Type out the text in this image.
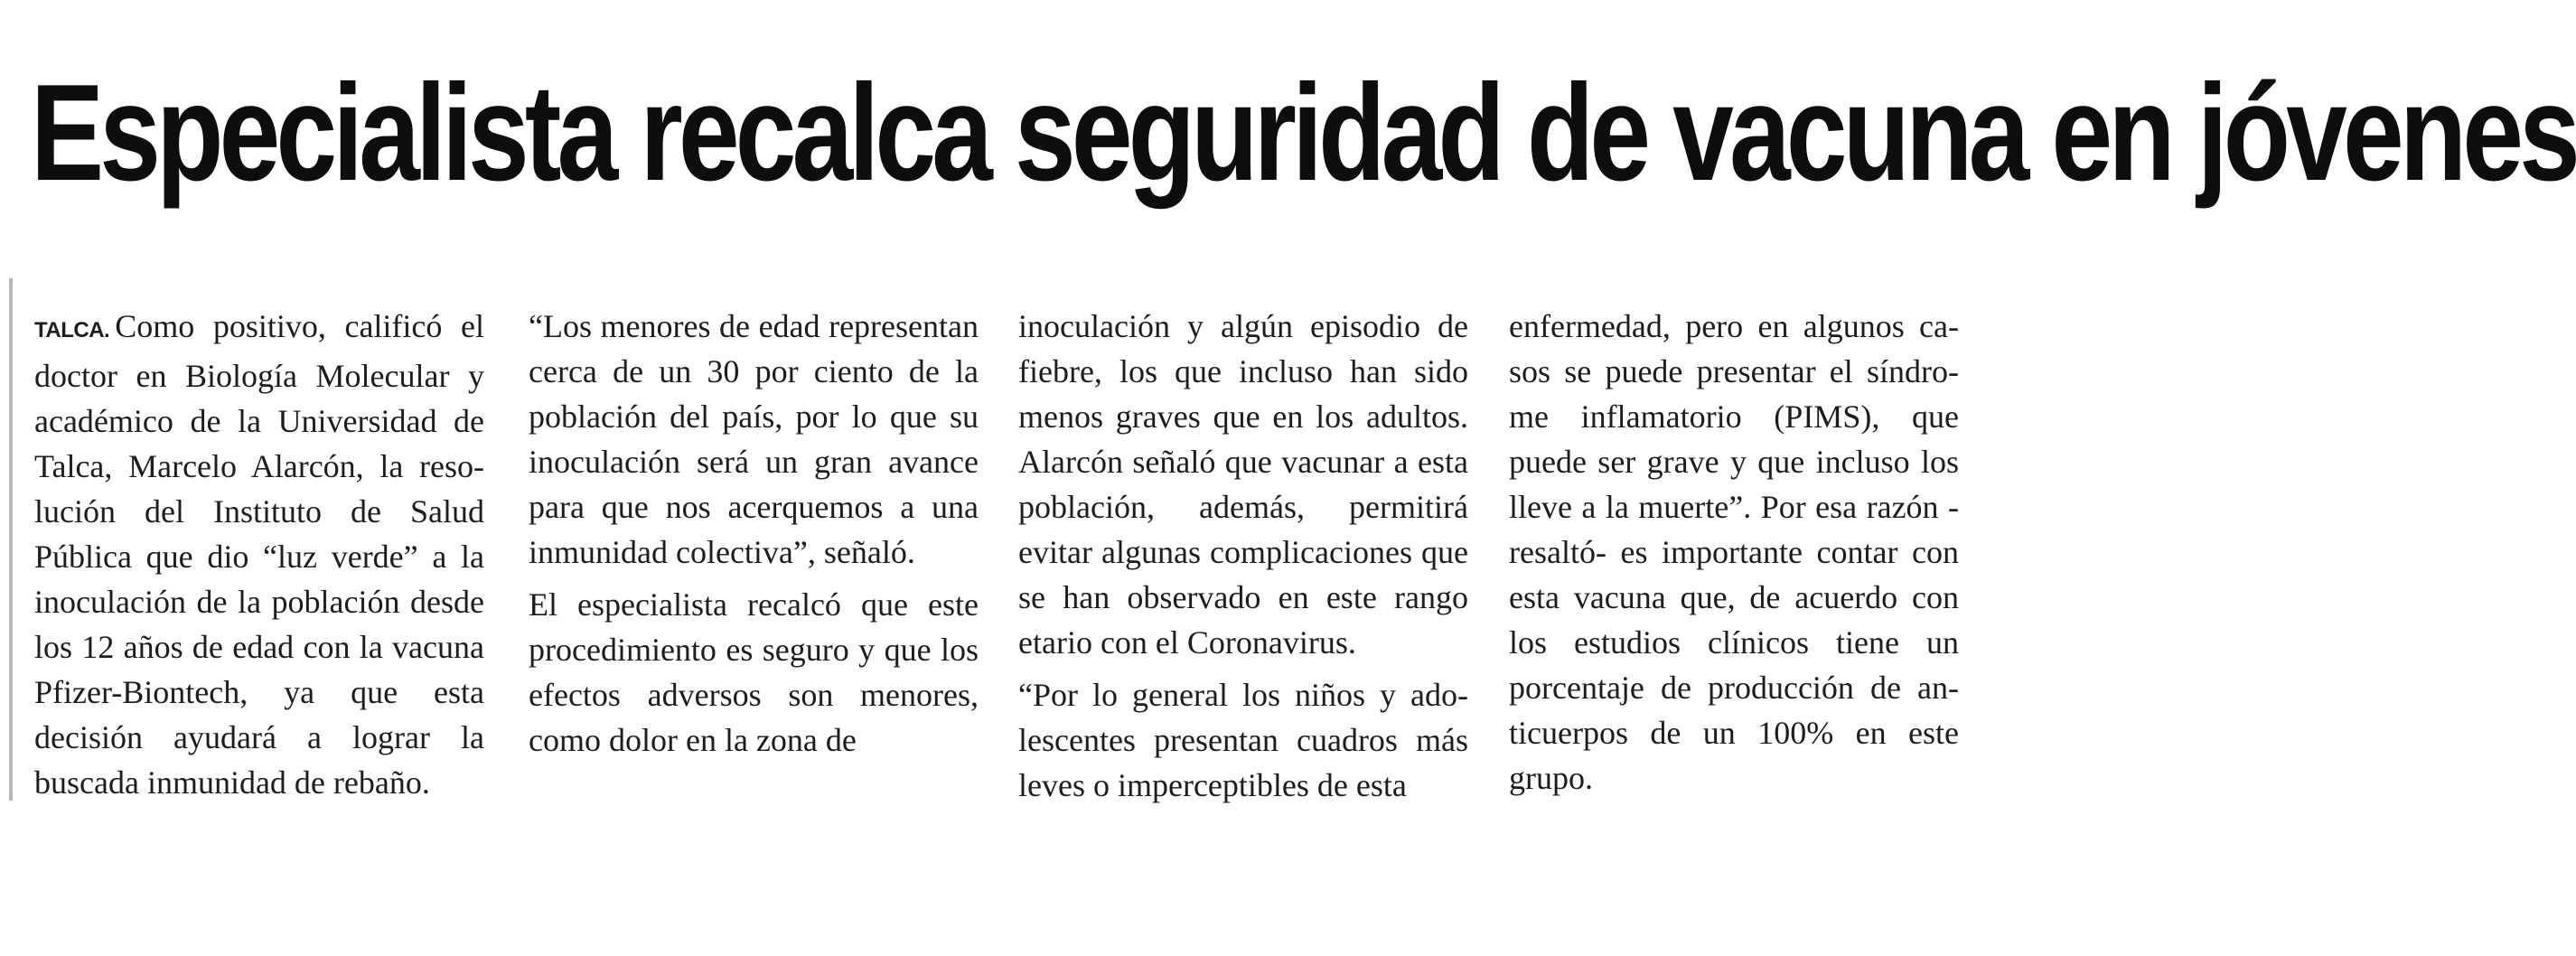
Especialista recalca seguridad de vacuna en jóvenes

TALCA. Como positivo, calificó el doctor en Biología Molecular y académico de la Universidad de Talca, Marcelo Alarcón, la resolución del Instituto de Salud Pública que dio “luz verde” a la inoculación de la población desde los 12 años de edad con la vacuna Pfizer-Biontech, ya que esta decisión ayudará a lograr la buscada inmunidad de rebaño.

“Los menores de edad representan cerca de un 30 por ciento de la población del país, por lo que su inoculación será un gran avance para que nos acerquemos a una inmunidad colectiva”, señaló.

El especialista recalcó que este procedimiento es seguro y que los efectos adversos son menores, como dolor en la zona de

inoculación y algún episodio de fiebre, los que incluso han sido menos graves que en los adultos. Alarcón señaló que vacunar a esta población, además, permitirá evitar algunas complicaciones que se han observado en este rango etario con el Coronavirus.

“Por lo general los niños y adolescentes presentan cuadros más leves o imperceptibles de esta

enfermedad, pero en algunos casos se puede presentar el síndrome inflamatorio (PIMS), que puede ser grave y que incluso los lleve a la muerte”. Por esa razón -resaltó- es importante contar con esta vacuna que, de acuerdo con los estudios clínicos tiene un porcentaje de producción de anticuerpos de un 100% en este grupo.
